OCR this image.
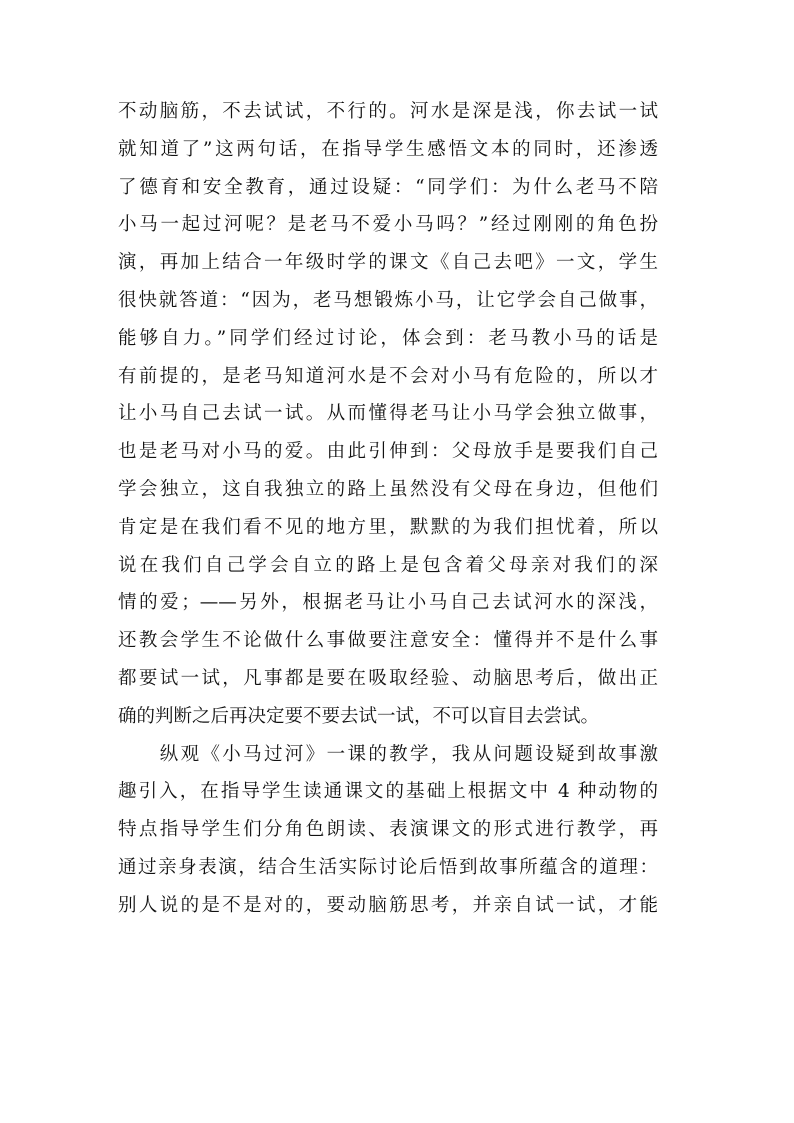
不动脑筋，不去试试，不行的。河水是深是浅，你去试一试
就知道了”这两句话，在指导学生感悟文本的同时，还渗透
了德育和安全教育，通过设疑：“同学们：为什么老马不陪
小马一起过河呢？是老马不爱小马吗？”经过刚刚的角色扮
演，再加上结合一年级时学的课文《自己去吧》一文，学生
很快就答道：“因为，老马想锻炼小马，让它学会自己做事，
能够自力。”同学们经过讨论，体会到：老马教小马的话是
有前提的，是老马知道河水是不会对小马有危险的，所以才
让小马自己去试一试。从而懂得老马让小马学会独立做事，
也是老马对小马的爱。由此引伸到：父母放手是要我们自己
学会独立，这自我独立的路上虽然没有父母在身边，但他们
肯定是在我们看不见的地方里，默默的为我们担忧着，所以
说在我们自己学会自立的路上是包含着父母亲对我们的深
情的爱；——另外，根据老马让小马自己去试河水的深浅，
还教会学生不论做什么事做要注意安全：懂得并不是什么事
都要试一试，凡事都是要在吸取经验、动脑思考后，做出正
确的判断之后再决定要不要去试一试，不可以盲目去尝试。
　　纵观《小马过河》一课的教学，我从问题设疑到故事激
趣引入，在指导学生读通课文的基础上根据文中 4 种动物的
特点指导学生们分角色朗读、表演课文的形式进行教学，再
通过亲身表演，结合生活实际讨论后悟到故事所蕴含的道理：
别人说的是不是对的，要动脑筋思考，并亲自试一试，才能
